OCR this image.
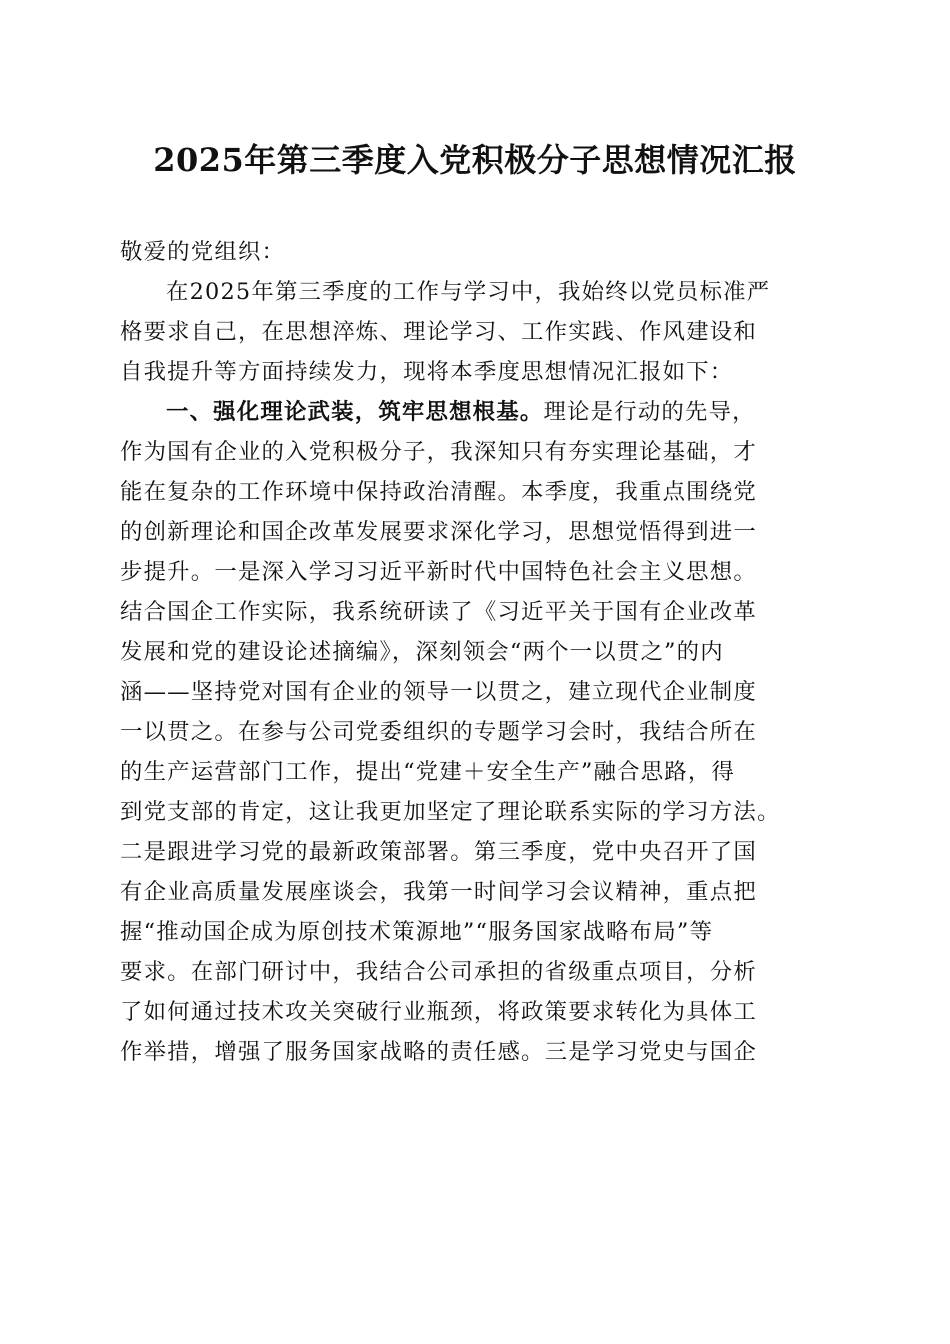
2025年第三季度入党积极分子思想情况汇报
敬爱的党组织：
在2025年第三季度的工作与学习中，我始终以党员标准严
格要求自己，在思想淬炼、理论学习、工作实践、作风建设和
自我提升等方面持续发力，现将本季度思想情况汇报如下：
一、强化理论武装，筑牢思想根基。理论是行动的先导，
作为国有企业的入党积极分子，我深知只有夯实理论基础，才
能在复杂的工作环境中保持政治清醒。本季度，我重点围绕党
的创新理论和国企改革发展要求深化学习，思想觉悟得到进一
步提升。一是深入学习习近平新时代中国特色社会主义思想。
结合国企工作实际，我系统研读了《习近平关于国有企业改革
发展和党的建设论述摘编》，深刻领会“两个一以贯之”的内
涵——坚持党对国有企业的领导一以贯之，建立现代企业制度
一以贯之。在参与公司党委组织的专题学习会时，我结合所在
的生产运营部门工作，提出“党建＋安全生产”融合思路，得
到党支部的肯定，这让我更加坚定了理论联系实际的学习方法。
二是跟进学习党的最新政策部署。第三季度，党中央召开了国
有企业高质量发展座谈会，我第一时间学习会议精神，重点把
握“推动国企成为原创技术策源地”“服务国家战略布局”等
要求。在部门研讨中，我结合公司承担的省级重点项目，分析
了如何通过技术攻关突破行业瓶颈，将政策要求转化为具体工
作举措，增强了服务国家战略的责任感。三是学习党史与国企
